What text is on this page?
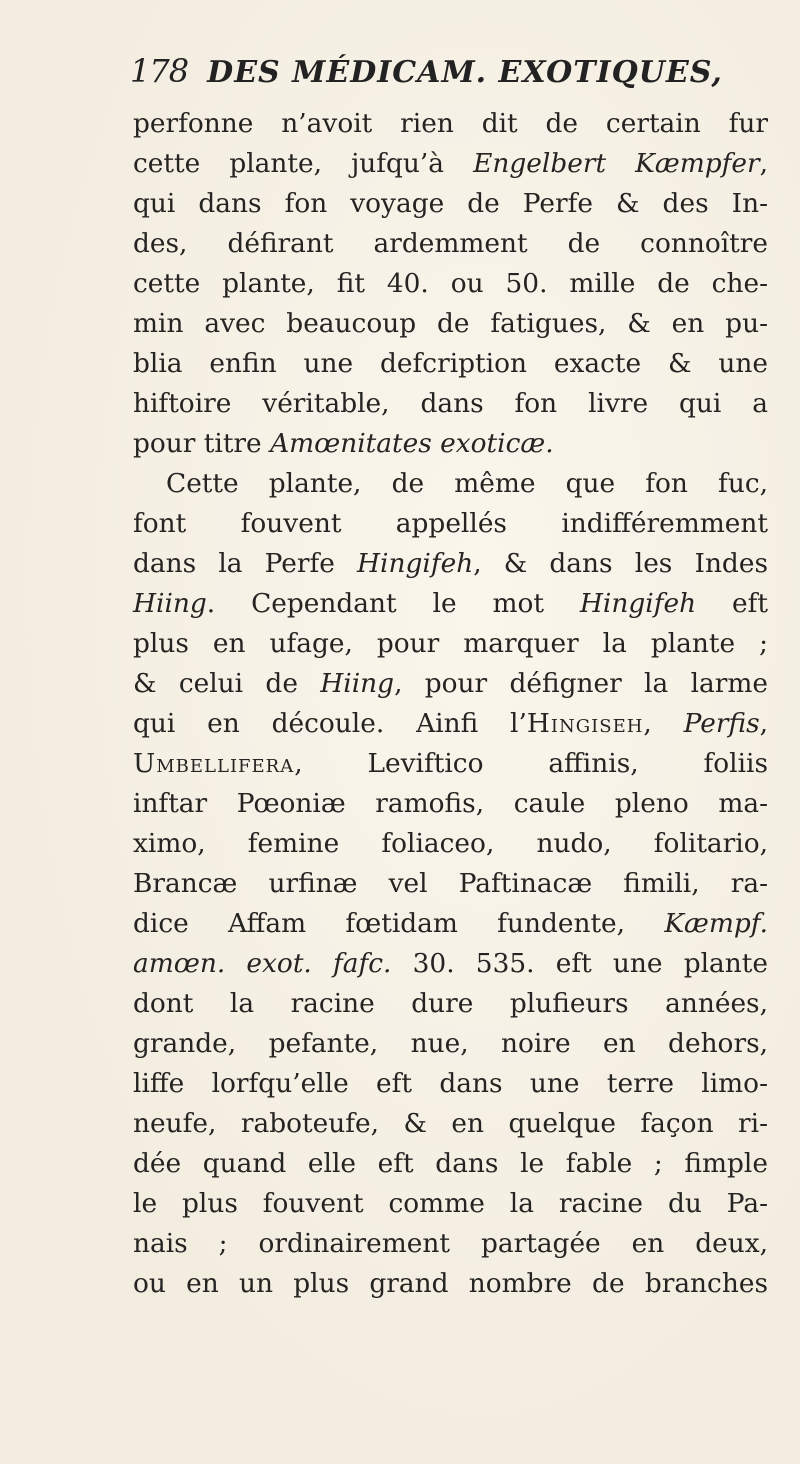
178 DES MÉDICAM. EXOTIQUES,
perfonne n’avoit rien dit de certain fur
cette plante, jufqu’à Engelbert Kæmpfer,
qui dans fon voyage de Perfe & des In-
des, défirant ardemment de connoître
cette plante, fit 40. ou 50. mille de che-
min avec beaucoup de fatigues, & en pu-
blia enfin une defcription exacte & une
hiftoire véritable, dans fon livre qui a
pour titre Amœnitates exoticæ.
Cette plante, de même que fon fuc,
font fouvent appellés indifféremment
dans la Perfe Hingifeh, & dans les Indes
Hiing. Cependant le mot Hingifeh eft
plus en ufage, pour marquer la plante ;
& celui de Hiing, pour défigner la larme
qui en découle. Ainfi l’Hingiseh, Perfis,
Umbellifera, Leviftico affinis, foliis
inftar Pœoniæ ramofis, caule pleno ma-
ximo, femine foliaceo, nudo, folitario,
Brancæ urfinæ vel Paftinacæ fimili, ra-
dice Affam fœtidam fundente, Kæmpf.
amœn. exot. fafc. 30. 535. eft une plante
dont la racine dure plufieurs années,
grande, pefante, nue, noire en dehors,
liffe lorfqu’elle eft dans une terre limo-
neufe, raboteufe, & en quelque façon ri-
dée quand elle eft dans le fable ; fimple
le plus fouvent comme la racine du Pa-
nais ; ordinairement partagée en deux,
ou en un plus grand nombre de branches
